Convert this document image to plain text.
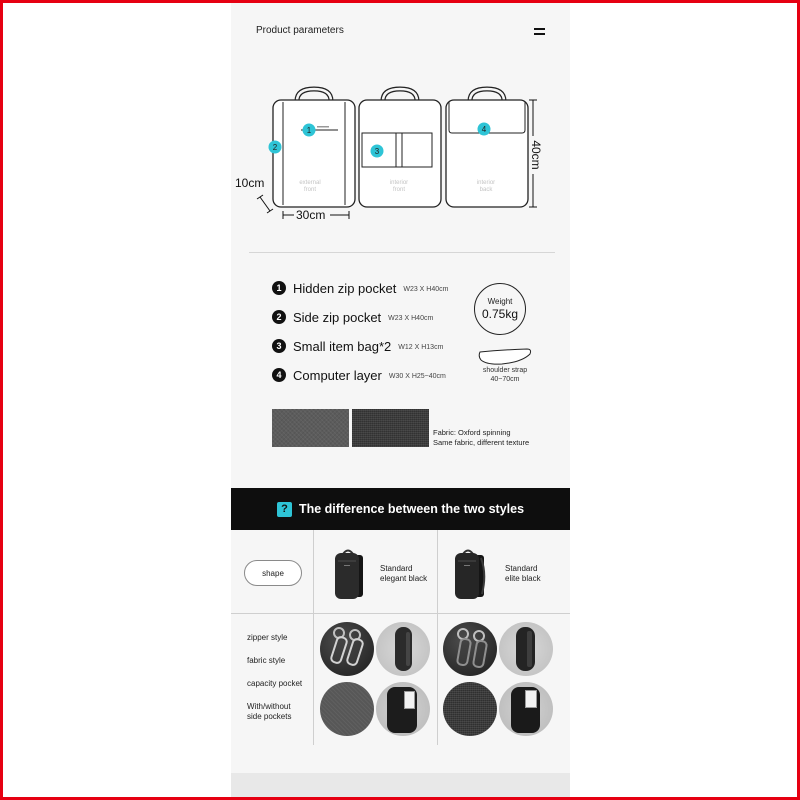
Product parameters
1
2	3
4
external
front
interior
front
interior
back
10cm
30cm
40cm
1 Hidden zip pocket W23 X H40cm
2 Side zip pocket W23 X H40cm
3 Small item bag*2 W12 X H13cm
4 Computer layer W30 X H25~40cm
Weight
0.75kg
shoulder strap
40~70cm
Fabric: Oxford spinning
Same fabric, different texture
? The difference between the two styles
shape	Standard
elegant black
Standard
elite black
zipper style
fabric style
capacity pocket
With/without
side pockets
